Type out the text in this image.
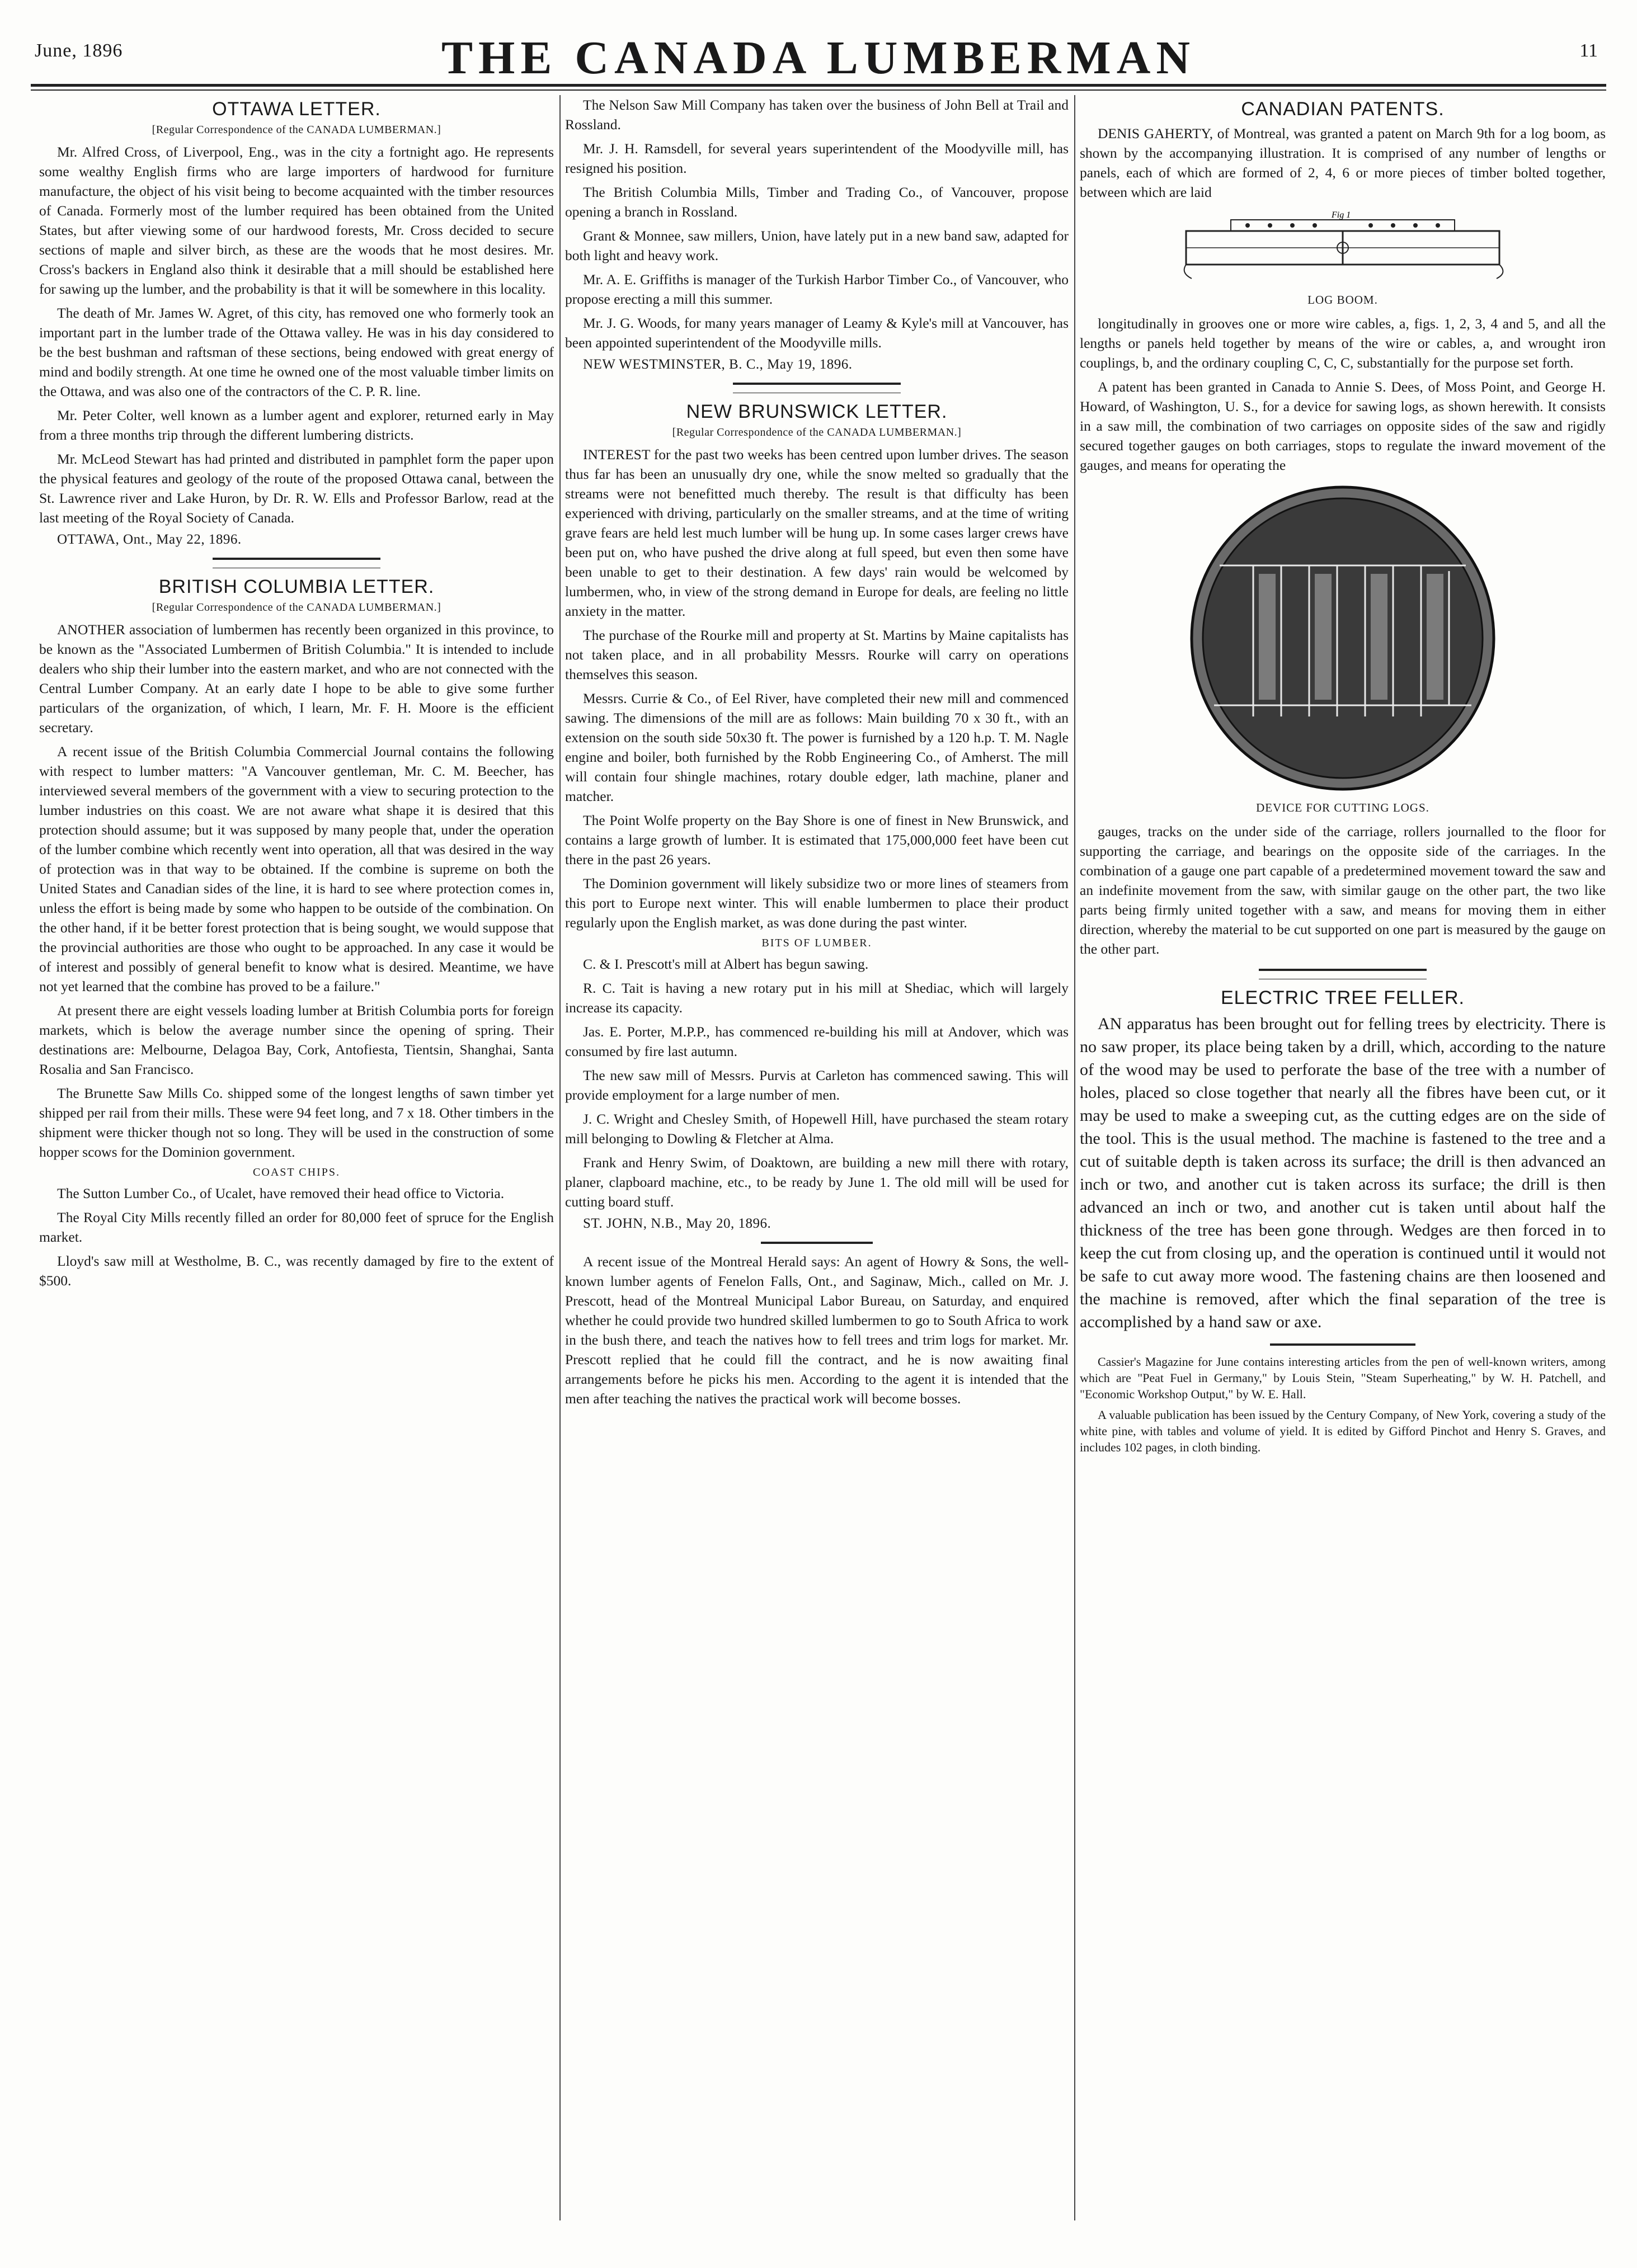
June, 1896	THE CANADA LUMBERMAN	11
OTTAWA LETTER.
[Regular Correspondence of the CANADA LUMBERMAN.]

Mr. Alfred Cross, of Liverpool, Eng., was in the city a fortnight ago. He represents some wealthy English firms who are large importers of hardwood for furniture manufacture, the object of his visit being to become acquainted with the timber resources of Canada. Formerly most of the lumber required has been obtained from the United States, but after viewing some of our hardwood forests, Mr. Cross decided to secure sections of maple and silver birch, as these are the woods that he most desires. Mr. Cross's backers in England also think it desirable that a mill should be established here for sawing up the lumber, and the probability is that it will be somewhere in this locality.

The death of Mr. James W. Agret, of this city, has removed one who formerly took an important part in the lumber trade of the Ottawa valley. He was in his day considered to be the best bushman and raftsman of these sections, being endowed with great energy of mind and bodily strength. At one time he owned one of the most valuable timber limits on the Ottawa, and was also one of the contractors of the C. P. R. line.

Mr. Peter Colter, well known as a lumber agent and explorer, returned early in May from a three months trip through the different lumbering districts.

Mr. McLeod Stewart has had printed and distributed in pamphlet form the paper upon the physical features and geology of the route of the proposed Ottawa canal, between the St. Lawrence river and Lake Huron, by Dr. R. W. Ells and Professor Barlow, read at the last meeting of the Royal Society of Canada.

OTTAWA, Ont., May 22, 1896.
BRITISH COLUMBIA LETTER.
[Regular Correspondence of the CANADA LUMBERMAN.]

ANOTHER association of lumbermen has recently been organized in this province, to be known as the "Associated Lumbermen of British Columbia." It is intended to include dealers who ship their lumber into the eastern market, and who are not connected with the Central Lumber Company. At an early date I hope to be able to give some further particulars of the organization, of which, I learn, Mr. F. H. Moore is the efficient secretary.

A recent issue of the British Columbia Commercial Journal contains the following with respect to lumber matters: "A Vancouver gentleman, Mr. C. M. Beecher, has interviewed several members of the government with a view to securing protection to the lumber industries on this coast. We are not aware what shape it is desired that this protection should assume; but it was supposed by many people that, under the operation of the lumber combine which recently went into operation, all that was desired in the way of protection was in that way to be obtained. If the combine is supreme on both the United States and Canadian sides of the line, it is hard to see where protection comes in, unless the effort is being made by some who happen to be outside of the combination. On the other hand, if it be better forest protection that is being sought, we would suppose that the provincial authorities are those who ought to be approached. In any case it would be of interest and possibly of general benefit to know what is desired. Meantime, we have not yet learned that the combine has proved to be a failure."

At present there are eight vessels loading lumber at British Columbia ports for foreign markets, which is below the average number since the opening of spring. Their destinations are: Melbourne, Delagoa Bay, Cork, Antofiesta, Tientsin, Shanghai, Santa Rosalia and San Francisco.

The Brunette Saw Mills Co. shipped some of the longest lengths of sawn timber yet shipped per rail from their mills. These were 94 feet long, and 7 x 18. Other timbers in the shipment were thicker though not so long. They will be used in the construction of some hopper scows for the Dominion government.

COAST CHIPS.

The Sutton Lumber Co., of Ucalet, have removed their head office to Victoria.

The Royal City Mills recently filled an order for 80,000 feet of spruce for the English market.

Lloyd's saw mill at Westholme, B. C., was recently damaged by fire to the extent of $500.

The Nelson Saw Mill Company has taken over the business of John Bell at Trail and Rossland.

Mr. J. H. Ramsdell, for several years superintendent of the Moodyville mill, has resigned his position.

The British Columbia Mills, Timber and Trading Co., of Vancouver, propose opening a branch in Rossland.

Grant & Monnee, saw millers, Union, have lately put in a new band saw, adapted for both light and heavy work.

Mr. A. E. Griffiths is manager of the Turkish Harbor Timber Co., of Vancouver, who propose erecting a mill this summer.

Mr. J. G. Woods, for many years manager of Leamy & Kyle's mill at Vancouver, has been appointed superintendent of the Moodyville mills.

NEW WESTMINSTER, B. C., May 19, 1896.
NEW BRUNSWICK LETTER.
[Regular Correspondence of the CANADA LUMBERMAN.]

INTEREST for the past two weeks has been centred upon lumber drives. The season thus far has been an unusually dry one, while the snow melted so gradually that the streams were not benefitted much thereby. The result is that difficulty has been experienced with driving, particularly on the smaller streams, and at the time of writing grave fears are held lest much lumber will be hung up. In some cases larger crews have been put on, who have pushed the drive along at full speed, but even then some have been unable to get to their destination. A few days' rain would be welcomed by lumbermen, who, in view of the strong demand in Europe for deals, are feeling no little anxiety in the matter.

The purchase of the Rourke mill and property at St. Martins by Maine capitalists has not taken place, and in all probability Messrs. Rourke will carry on operations themselves this season.

Messrs. Currie & Co., of Eel River, have completed their new mill and commenced sawing. The dimensions of the mill are as follows: Main building 70 x 30 ft., with an extension on the south side 50x30 ft. The power is furnished by a 120 h.p. T. M. Nagle engine and boiler, both furnished by the Robb Engineering Co., of Amherst. The mill will contain four shingle machines, rotary double edger, lath machine, planer and matcher.

The Point Wolfe property on the Bay Shore is one of finest in New Brunswick, and contains a large growth of lumber. It is estimated that 175,000,000 feet have been cut there in the past 26 years.

The Dominion government will likely subsidize two or more lines of steamers from this port to Europe next winter. This will enable lumbermen to place their product regularly upon the English market, as was done during the past winter.

BITS OF LUMBER.

C. & I. Prescott's mill at Albert has begun sawing.

R. C. Tait is having a new rotary put in his mill at Shediac, which will largely increase its capacity.

Jas. E. Porter, M.P.P., has commenced re-building his mill at Andover, which was consumed by fire last autumn.

The new saw mill of Messrs. Purvis at Carleton has commenced sawing. This will provide employment for a large number of men.

J. C. Wright and Chesley Smith, of Hopewell Hill, have purchased the steam rotary mill belonging to Dowling & Fletcher at Alma.

Frank and Henry Swim, of Doaktown, are building a new mill there with rotary, planer, clapboard machine, etc., to be ready by June 1. The old mill will be used for cutting board stuff.

ST. JOHN, N.B., May 20, 1896.

A recent issue of the Montreal Herald says: An agent of Howry & Sons, the well-known lumber agents of Fenelon Falls, Ont., and Saginaw, Mich., called on Mr. J. Prescott, head of the Montreal Municipal Labor Bureau, on Saturday, and enquired whether he could provide two hundred skilled lumbermen to go to South Africa to work in the bush there, and teach the natives how to fell trees and trim logs for market. Mr. Prescott replied that he could fill the contract, and he is now awaiting final arrangements before he picks his men. According to the agent it is intended that the men after teaching the natives the practical work will become bosses.

CANADIAN PATENTS.

DENIS GAHERTY, of Montreal, was granted a patent on March 9th for a log boom, as shown by the accompanying illustration. It is comprised of any number of lengths or panels, each of which are formed of 2, 4, 6 or more pieces of timber bolted together, between which are laid

Fig 1
LOG BOOM.

longitudinally in grooves one or more wire cables, a, figs. 1, 2, 3, 4 and 5, and all the lengths or panels held together by means of the wire or cables, a, and wrought iron couplings, b, and the ordinary coupling C, C, C, substantially for the purpose set forth.

A patent has been granted in Canada to Annie S. Dees, of Moss Point, and George H. Howard, of Washington, U. S., for a device for sawing logs, as shown herewith. It consists in a saw mill, the combination of two carriages on opposite sides of the saw and rigidly secured together gauges on both carriages, stops to regulate the inward movement of the gauges, and means for operating the

DEVICE FOR CUTTING LOGS.

gauges, tracks on the under side of the carriage, rollers journalled to the floor for supporting the carriage, and bearings on the opposite side of the carriages. In the combination of a gauge one part capable of a predetermined movement toward the saw and an indefinite movement from the saw, with similar gauge on the other part, the two like parts being firmly united together with a saw, and means for moving them in either direction, whereby the material to be cut supported on one part is measured by the gauge on the other part.

ELECTRIC TREE FELLER.

AN apparatus has been brought out for felling trees by electricity. There is no saw proper, its place being taken by a drill, which, according to the nature of the wood may be used to perforate the base of the tree with a number of holes, placed so close together that nearly all the fibres have been cut, or it may be used to make a sweeping cut, as the cutting edges are on the side of the tool. This is the usual method. The machine is fastened to the tree and a cut of suitable depth is taken across its surface; the drill is then advanced an inch or two, and another cut is taken across its surface; the drill is then advanced an inch or two, and another cut is taken until about half the thickness of the tree has been gone through. Wedges are then forced in to keep the cut from closing up, and the operation is continued until it would not be safe to cut away more wood. The fastening chains are then loosened and the machine is removed, after which the final separation of the tree is accomplished by a hand saw or axe.

Cassier's Magazine for June contains interesting articles from the pen of well-known writers, among which are "Peat Fuel in Germany," by Louis Stein, "Steam Superheating," by W. H. Patchell, and "Economic Workshop Output," by W. E. Hall.

A valuable publication has been issued by the Century Company, of New York, covering a study of the white pine, with tables and volume of yield. It is edited by Gifford Pinchot and Henry S. Graves, and includes 102 pages, in cloth binding.
